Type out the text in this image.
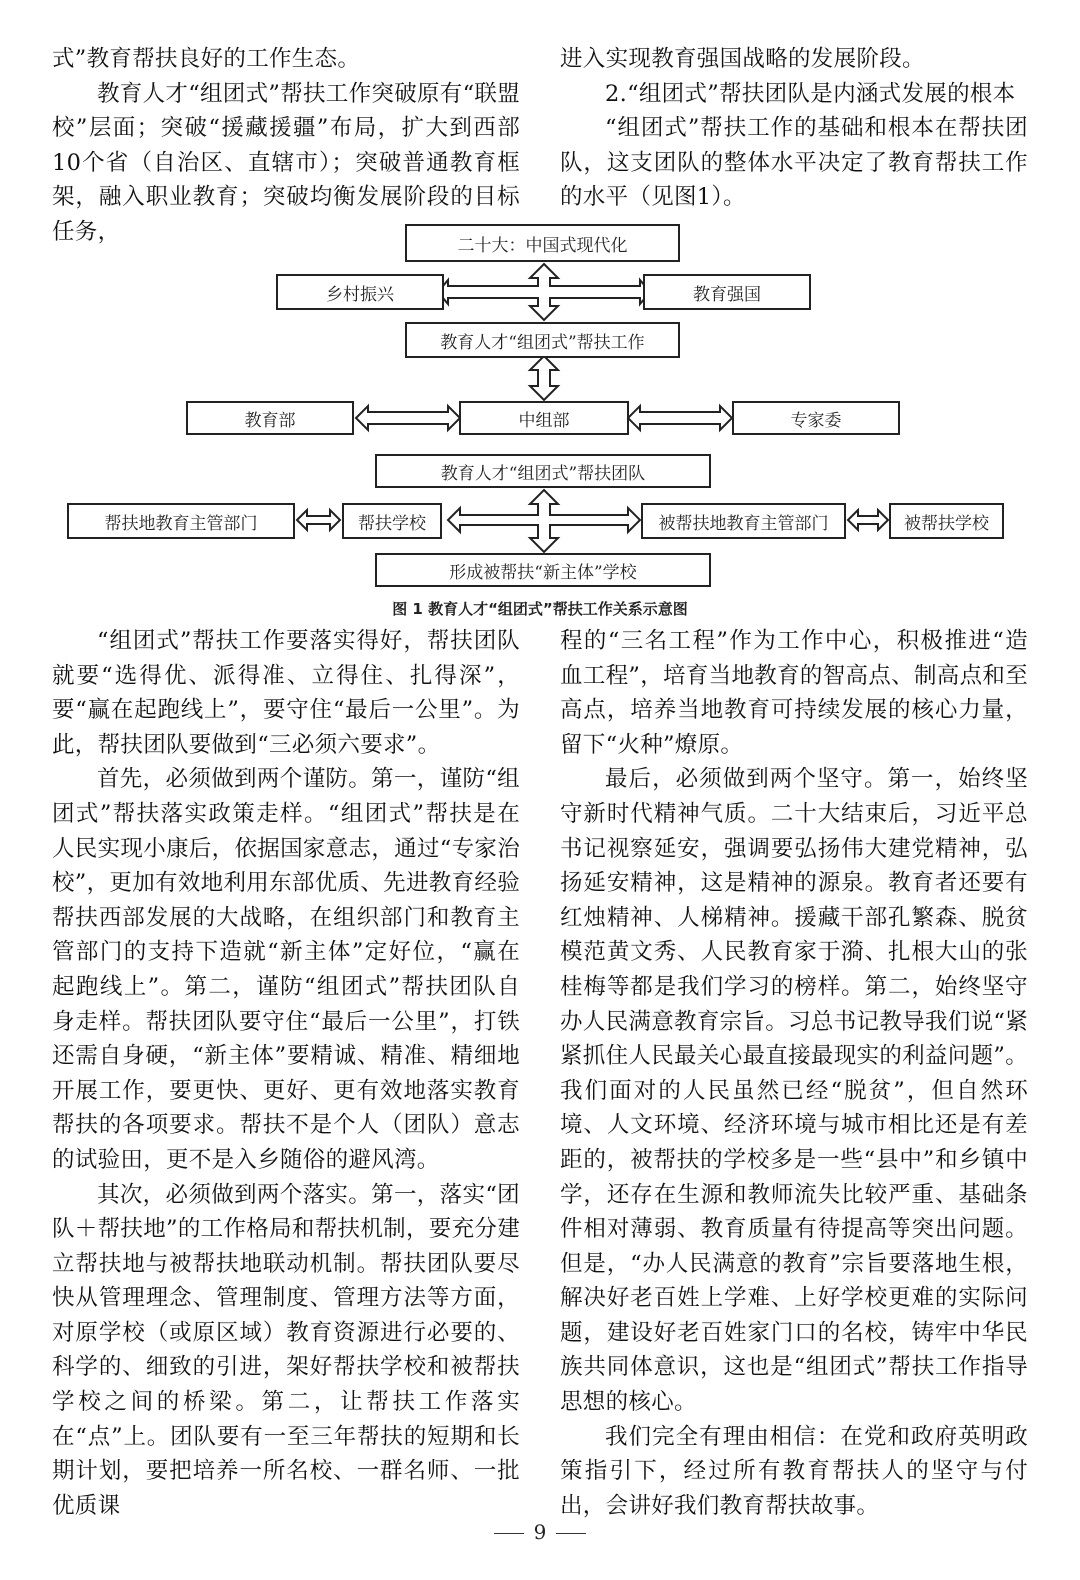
式”教育帮扶良好的工作生态。

教育人才“组团式”帮扶工作突破原有“联盟校”层面；突破“援藏援疆”布局，扩大到西部10个省（自治区、直辖市）；突破普通教育框架，融入职业教育；突破均衡发展阶段的目标任务，

进入实现教育强国战略的发展阶段。

2.“组团式”帮扶团队是内涵式发展的根本

“组团式”帮扶工作的基础和根本在帮扶团队，这支团队的整体水平决定了教育帮扶工作的水平（见图1）。

二十大：中国式现代化
乡村振兴	教育强国
教育人才“组团式”帮扶工作
教育部	中组部	专家委
教育人才“组团式”帮扶团队
帮扶地教育主管部门	帮扶学校	被帮扶地教育主管部门	被帮扶学校
形成被帮扶“新主体”学校
图 1 教育人才“组团式”帮扶工作关系示意图

“组团式”帮扶工作要落实得好，帮扶团队就要“选得优、派得准、立得住、扎得深”，要“赢在起跑线上”，要守住“最后一公里”。为此，帮扶团队要做到“三必须六要求”。

首先，必须做到两个谨防。第一，谨防“组团式”帮扶落实政策走样。“组团式”帮扶是在人民实现小康后，依据国家意志，通过“专家治校”，更加有效地利用东部优质、先进教育经验帮扶西部发展的大战略，在组织部门和教育主管部门的支持下造就“新主体”定好位，“赢在起跑线上”。第二，谨防“组团式”帮扶团队自身走样。帮扶团队要守住“最后一公里”，打铁还需自身硬，“新主体”要精诚、精准、精细地开展工作，要更快、更好、更有效地落实教育帮扶的各项要求。帮扶不是个人（团队）意志的试验田，更不是入乡随俗的避风湾。

其次，必须做到两个落实。第一，落实“团队＋帮扶地”的工作格局和帮扶机制，要充分建立帮扶地与被帮扶地联动机制。帮扶团队要尽快从管理理念、管理制度、管理方法等方面，对原学校（或原区域）教育资源进行必要的、科学的、细致的引进，架好帮扶学校和被帮扶学校之间的桥梁。第二，让帮扶工作落实在“点”上。团队要有一至三年帮扶的短期和长期计划，要把培养一所名校、一群名师、一批优质课

程的“三名工程”作为工作中心，积极推进“造血工程”，培育当地教育的智高点、制高点和至高点，培养当地教育可持续发展的核心力量，留下“火种”燎原。

最后，必须做到两个坚守。第一，始终坚守新时代精神气质。二十大结束后，习近平总书记视察延安，强调要弘扬伟大建党精神，弘扬延安精神，这是精神的源泉。教育者还要有红烛精神、人梯精神。援藏干部孔繁森、脱贫模范黄文秀、人民教育家于漪、扎根大山的张桂梅等都是我们学习的榜样。第二，始终坚守办人民满意教育宗旨。习总书记教导我们说“紧紧抓住人民最关心最直接最现实的利益问题”。我们面对的人民虽然已经“脱贫”，但自然环境、人文环境、经济环境与城市相比还是有差距的，被帮扶的学校多是一些“县中”和乡镇中学，还存在生源和教师流失比较严重、基础条件相对薄弱、教育质量有待提高等突出问题。但是，“办人民满意的教育”宗旨要落地生根，解决好老百姓上学难、上好学校更难的实际问题，建设好老百姓家门口的名校，铸牢中华民族共同体意识，这也是“组团式”帮扶工作指导思想的核心。

我们完全有理由相信：在党和政府英明政策指引下，经过所有教育帮扶人的坚守与付出，会讲好我们教育帮扶故事。

9
